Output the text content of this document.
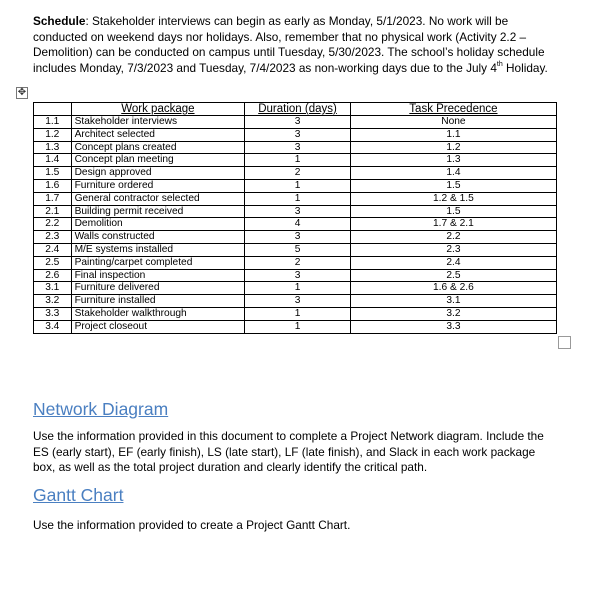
Schedule: Stakeholder interviews can begin as early as Monday, 5/1/2023. No work will be conducted on weekend days nor holidays. Also, remember that no physical work (Activity 2.2 – Demolition) can be conducted on campus until Tuesday, 5/30/2023. The school’s holiday schedule includes Monday, 7/3/2023 and Tuesday, 7/4/2023 as non-working days due to the July 4th Holiday.

✥
	Work package	Duration (days)	Task Precedence
1.1	Stakeholder interviews	3	None
1.2	Architect selected	3	1.1
1.3	Concept plans created	3	1.2
1.4	Concept plan meeting	1	1.3
1.5	Design approved	2	1.4
1.6	Furniture ordered	1	1.5
1.7	General contractor selected	1	1.2 & 1.5
2.1	Building permit received	3	1.5
2.2	Demolition	4	1.7 & 2.1
2.3	Walls constructed	3	2.2
2.4	M/E systems installed	5	2.3
2.5	Painting/carpet completed	2	2.4
2.6	Final inspection	3	2.5
3.1	Furniture delivered	1	1.6 & 2.6
3.2	Furniture installed	3	3.1
3.3	Stakeholder walkthrough	1	3.2
3.4	Project closeout	1	3.3
Network Diagram

Use the information provided in this document to complete a Project Network diagram. Include the ES (early start), EF (early finish), LS (late start), LF (late finish), and Slack in each work package box, as well as the total project duration and clearly identify the critical path.

Gantt Chart

Use the information provided to create a Project Gantt Chart.
